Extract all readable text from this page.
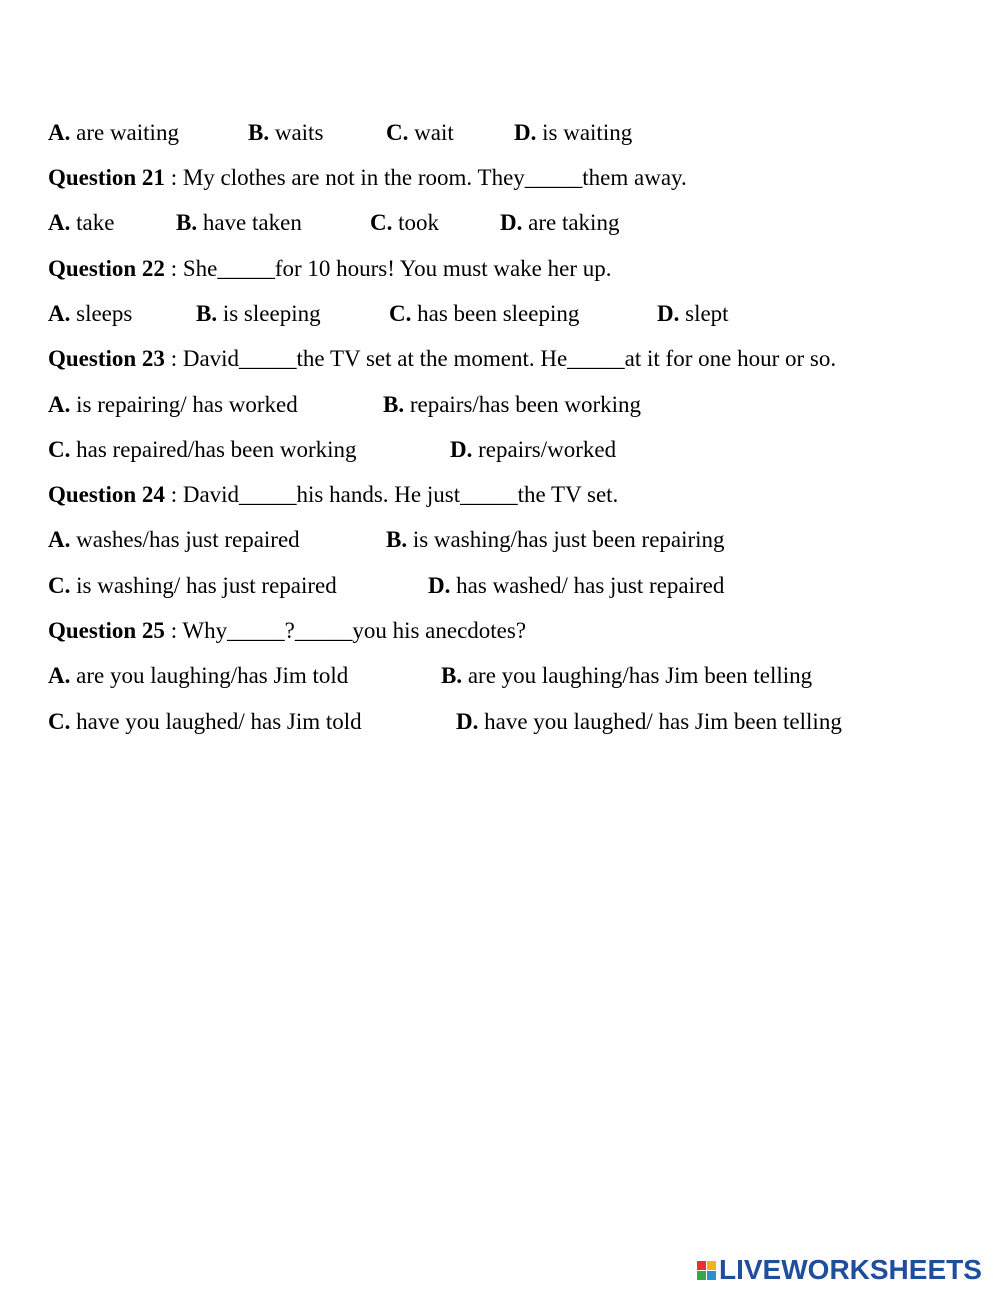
A. are waiting	B. waits	C. wait	D. is waiting
Question 21 : My clothes are not in the room. They_____them away.
A. take	B. have taken	C. took	D. are taking
Question 22 : She_____for 10 hours! You must wake her up.
A. sleeps	B. is sleeping	C. has been sleeping	D. slept
Question 23 : David_____the TV set at the moment. He_____at it for one hour or so.
A. is repairing/ has worked	B. repairs/has been working
C. has repaired/has been working	D. repairs/worked
Question 24 : David_____his hands. He just_____the TV set.
A. washes/has just repaired	B. is washing/has just been repairing
C. is washing/ has just repaired	D. has washed/ has just repaired
Question 25 : Why_____?_____you his anecdotes?
A. are you laughing/has Jim told	B. are you laughing/has Jim been telling
C. have you laughed/ has Jim told	D. have you laughed/ has Jim been telling
LIVEWORKSHEETS
